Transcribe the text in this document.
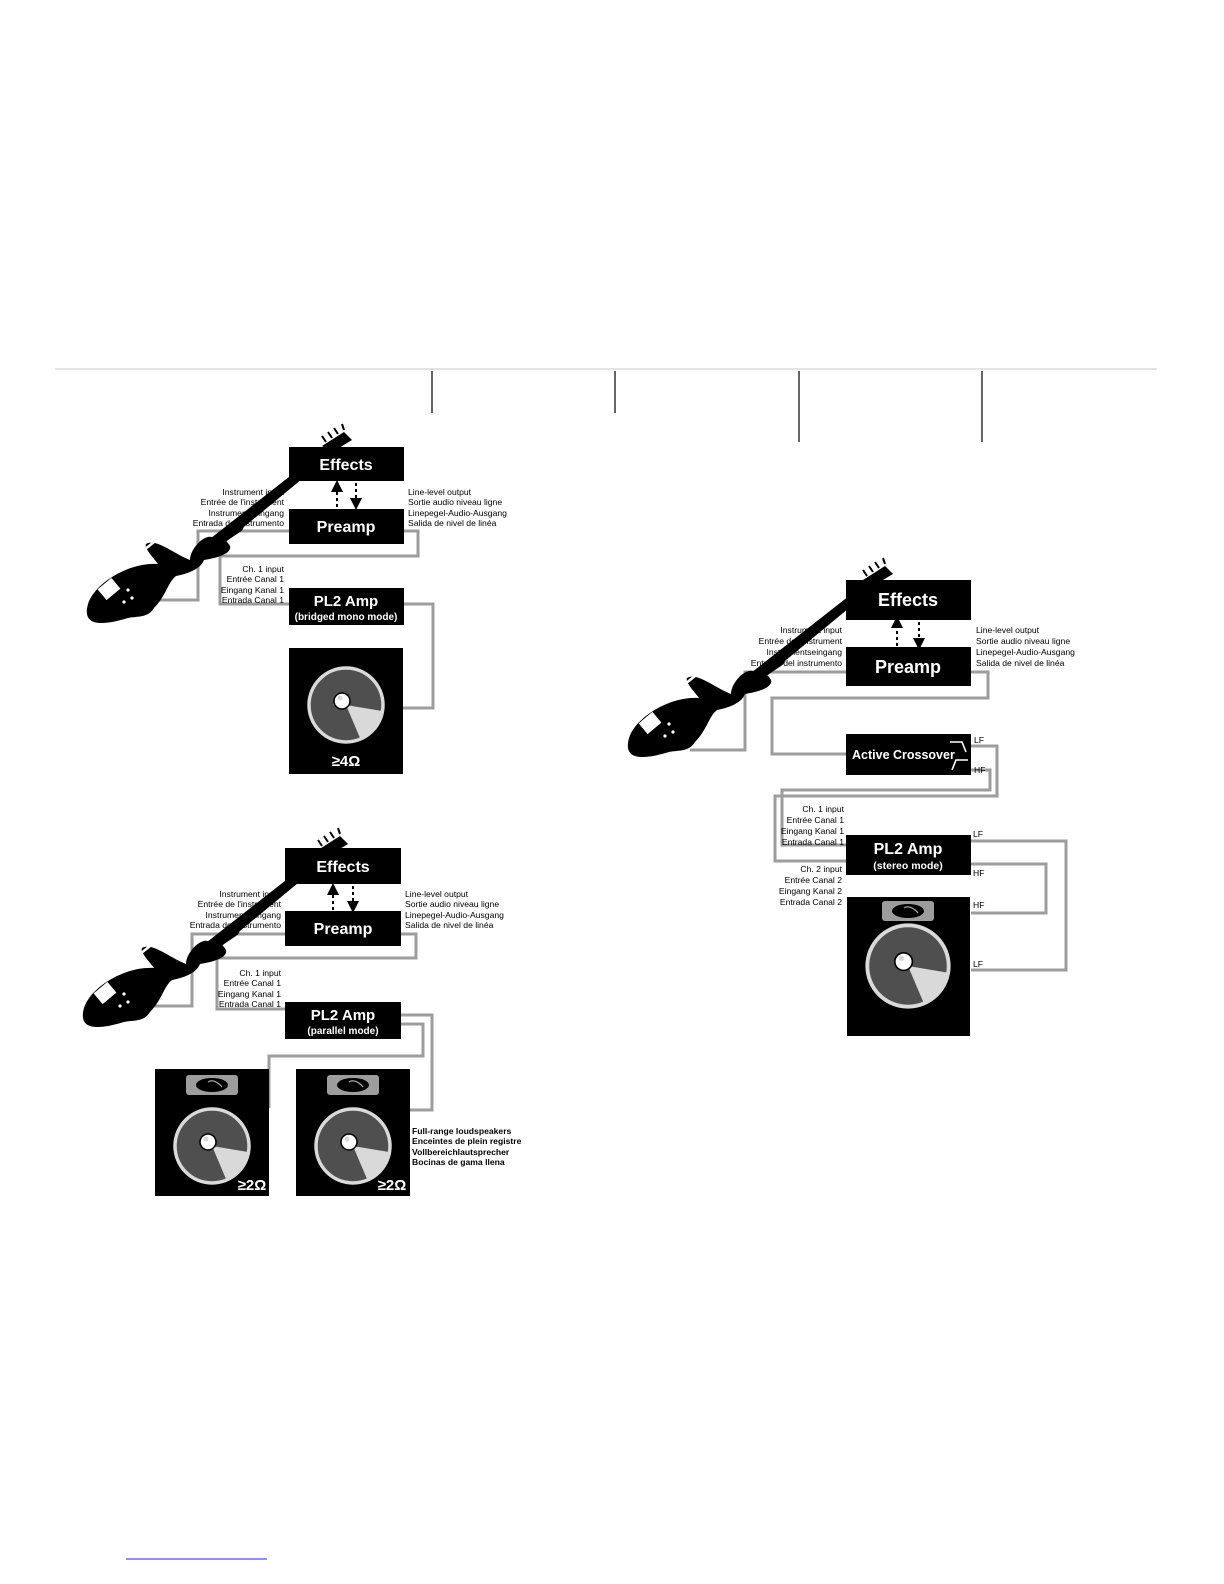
Effects
Preamp
Instrument input
Entrée de l'instrument
Instrumentseingang
Entrada del instrumento
Line-level output
Sortie audio niveau ligne
Linepegel-Audio-Ausgang
Salida de nivel de linéa
Ch. 1 input
Entrée Canal 1
Eingang Kanal 1
Entrada Canal 1 PL2 Amp
(bridged mono mode)
≥4Ω
Effects
Preamp
Instrument input
Entrée de l'instrument
Instrumentseingang
Entrada del instrumento
Line-level output
Sortie audio niveau ligne
Linepegel-Audio-Ausgang
Salida de nivel de linéa
Ch. 1 input
Entrée Canal 1
Eingang Kanal 1
Entrada Canal 1
PL2 Amp
(parallel mode)
≥2Ω	≥2Ω
Full-range loudspeakers
Enceintes de plein registre
Vollbereichlautsprecher
Bocinas de gama llena
Effects
Preamp
Instrument input
Entrée de l'instrument
Instrumentseingang
Entrada del instrumento
Line-level output
Sortie audio niveau ligne
Linepegel-Audio-Ausgang
Salida de nivel de linéa
Active Crossover
LF
HF
Ch. 1 input
Entrée Canal 1
Eingang Kanal 1
Entrada Canal 1 PL2 Amp
(stereo mode)
LF
HF
Ch. 2 input
Entrée Canal 2
Eingang Kanal 2
Entrada Canal 2	HF
LF
